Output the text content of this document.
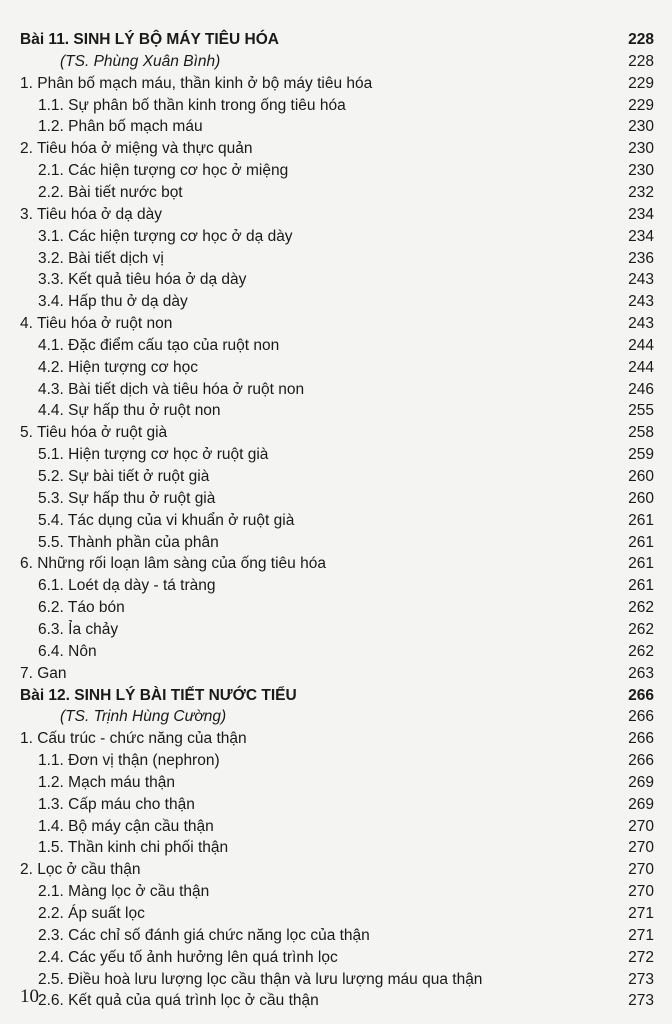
Bài 11. SINH LÝ BỘ MÁY TIÊU HÓA	228
(TS. Phùng Xuân Bình)	228
1. Phân bố mạch máu, thần kinh ở bộ máy tiêu hóa	229
1.1. Sự phân bố thần kinh trong ống tiêu hóa	229
1.2. Phân bố mạch máu	230
2. Tiêu hóa ở miệng và thực quản	230
2.1. Các hiện tượng cơ học ở miệng	230
2.2. Bài tiết nước bọt	232
3. Tiêu hóa ở dạ dày	234
3.1. Các hiện tượng cơ học ở dạ dày	234
3.2. Bài tiết dịch vị	236
3.3. Kết quả tiêu hóa ở dạ dày	243
3.4. Hấp thu ở dạ dày	243
4. Tiêu hóa ở ruột non	243
4.1. Đặc điểm cấu tạo của ruột non	244
4.2. Hiện tượng cơ học	244
4.3. Bài tiết dịch và tiêu hóa ở ruột non	246
4.4. Sự hấp thu ở ruột non	255
5. Tiêu hóa ở ruột già	258
5.1. Hiện tượng cơ học ở ruột già	259
5.2. Sự bài tiết ở ruột già	260
5.3. Sự hấp thu ở ruột già	260
5.4. Tác dụng của vi khuẩn ở ruột già	261
5.5. Thành phần của phân	261
6. Những rối loạn lâm sàng của ống tiêu hóa	261
6.1. Loét dạ dày - tá tràng	261
6.2. Táo bón	262
6.3. Ỉa chảy	262
6.4. Nôn	262
7. Gan	263
Bài 12. SINH LÝ BÀI TIẾT NƯỚC TIỂU	266
(TS. Trịnh Hùng Cường)	266
1. Cấu trúc - chức năng của thận	266
1.1. Đơn vị thận (nephron)	266
1.2. Mạch máu thận	269
1.3. Cấp máu cho thận	269
1.4. Bộ máy cận cầu thận	270
1.5. Thần kinh chi phối thận	270
2. Lọc ở cầu thận	270
2.1. Màng lọc ở cầu thận	270
2.2. Áp suất lọc	271
2.3. Các chỉ số đánh giá chức năng lọc của thận	271
2.4. Các yếu tố ảnh hưởng lên quá trình lọc	272
2.5. Điều hoà lưu lượng lọc cầu thận và lưu lượng máu qua thận	273
2.6. Kết quả của quá trình lọc ở cầu thận	273
10
